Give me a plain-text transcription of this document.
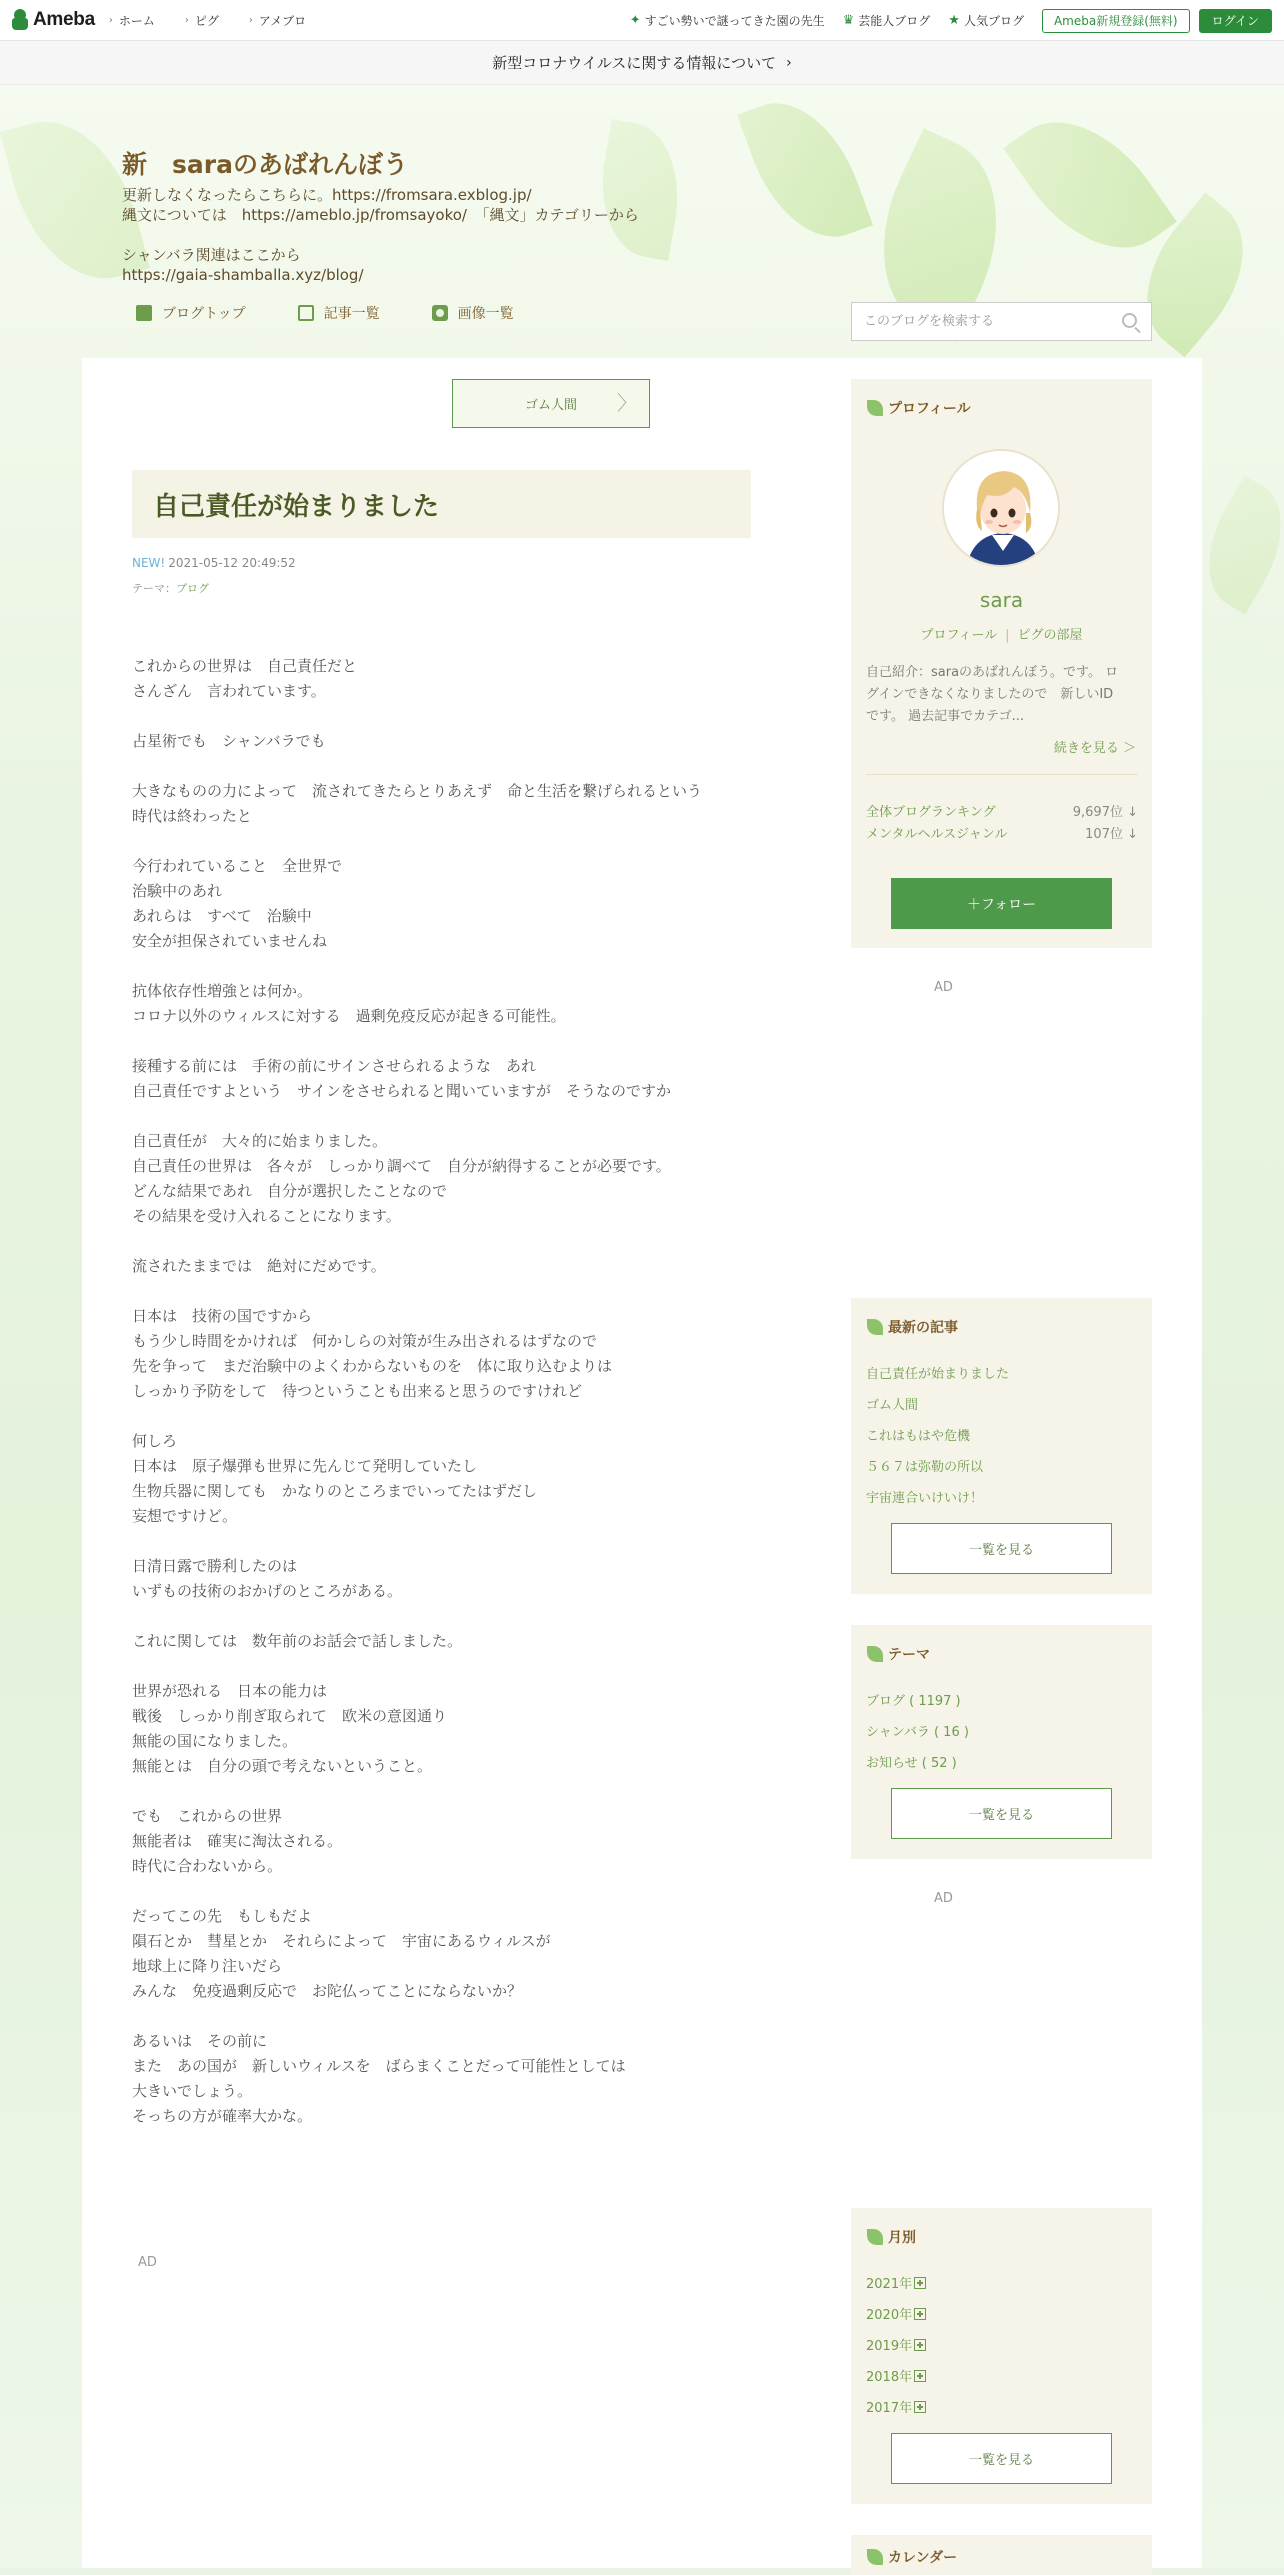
Ameba › ホーム	› ピグ	› アメブロ	✦ すごい勢いで謎ってきた園の先生 ♛ 芸能人ブログ ★ 人気ブログ	Ameba新規登録(無料)	ログイン
新型コロナウイルスに関する情報について ›
新　saraのあばれんぼう
更新しなくなったらこちらに。https://fromsara.exblog.jp/
縄文については　https://ameblo.jp/fromsayoko/　「縄文」カテゴリーから
シャンバラ関連はここから
https://gaia-shamballa.xyz/blog/
ブログトップ	記事一覧	画像一覧
このブログを検索する
ゴム人間 〉
自己責任が始まりました
NEW! 2021-05-12 20:49:52
テーマ：ブログ
これからの世界は　自己責任だと
さんざん　言われています。
占星術でも　シャンバラでも
大きなものの力によって　流されてきたらとりあえず　命と生活を繋げられるという
時代は終わったと
今行われていること　全世界で
治験中のあれ
あれらは　すべて　治験中
安全が担保されていませんね
抗体依存性増強とは何か。
コロナ以外のウィルスに対する　過剰免疫反応が起きる可能性。
接種する前には　手術の前にサインさせられるような　あれ
自己責任ですよという　サインをさせられると聞いていますが　そうなのですか
自己責任が　大々的に始まりました。
自己責任の世界は　各々が　しっかり調べて　自分が納得することが必要です。
どんな結果であれ　自分が選択したことなので
その結果を受け入れることになります。
流されたままでは　絶対にだめです。
日本は　技術の国ですから
もう少し時間をかければ　何かしらの対策が生み出されるはずなので
先を争って　まだ治験中のよくわからないものを　体に取り込むよりは
しっかり予防をして　待つということも出来ると思うのですけれど
何しろ
日本は　原子爆弾も世界に先んじて発明していたし
生物兵器に関しても　かなりのところまでいってたはずだし
妄想ですけど。
日清日露で勝利したのは
いずもの技術のおかげのところがある。
これに関しては　数年前のお話会で話しました。
世界が恐れる　日本の能力は
戦後　しっかり削ぎ取られて　欧米の意図通り
無能の国になりました。
無能とは　自分の頭で考えないということ。
でも　これからの世界
無能者は　確実に淘汰される。
時代に合わないから。
だってこの先　もしもだよ
隕石とか　彗星とか　それらによって　宇宙にあるウィルスが
地球上に降り注いだら
みんな　免疫過剰反応で　お陀仏ってことにならないか？
あるいは　その前に
また　あの国が　新しいウィルスを　ばらまくことだって可能性としては
大きいでしょう。
そっちの方が確率大かな。
AD
プロフィール
sara
プロフィール | ピグの部屋
自己紹介：saraのあばれんぼう。です。 ロ
グインできなくなりましたので　新しいID
です。 過去記事でカテゴ...
続きを見る ＞
全体ブログランキング	9,697位 ↓
メンタルヘルスジャンル	107位 ↓
＋フォロー
AD
最新の記事
自己責任が始まりました
ゴム人間
これはもはや危機
５６７は弥勒の所以
宇宙連合いけいけ！
一覧を見る
テーマ
ブログ ( 1197 )
シャンバラ ( 16 )
お知らせ ( 52 )
一覧を見る
AD
月別
2021年
2020年
2019年
2018年
2017年
一覧を見る
カレンダー
